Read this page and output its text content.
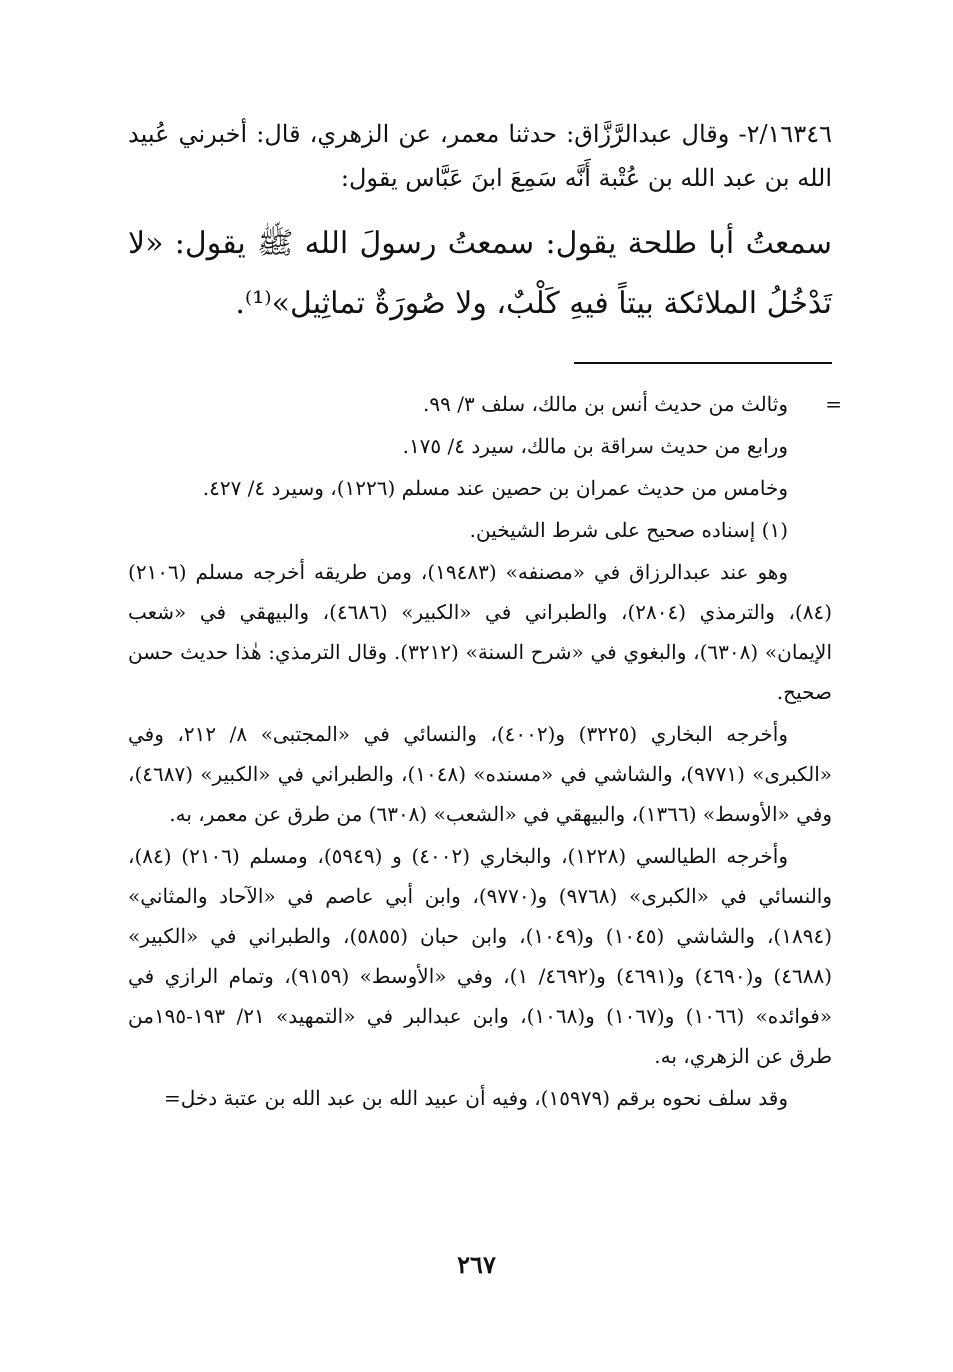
٢/١٦٣٤٦- وقال عبدالرَّزَّاق: حدثنا معمر، عن الزهري، قال: أخبرني عُبيد الله بن عبد الله بن عُتْبة أَنَّه سَمِعَ ابنَ عَبَّاس يقول:

سمعتُ أبا طلحة يقول: سمعتُ رسولَ الله ﷺ يقول: «لا تَدْخُلُ الملائكة بيتاً فيهِ كَلْبٌ، ولا صُورَةٌ تماثِيل»⁽¹⁾.

=
وثالث من حديث أنس بن مالك، سلف ٣/ ٩٩.

ورابع من حديث سراقة بن مالك، سيرد ٤/ ١٧٥.

وخامس من حديث عمران بن حصين عند مسلم (١٢٢٦)، وسيرد ٤/ ٤٢٧.

(١) إسناده صحيح على شرط الشيخين.

وهو عند عبدالرزاق في «مصنفه» (١٩٤٨٣)، ومن طريقه أخرجه مسلم (٢١٠٦) (٨٤)، والترمذي (٢٨٠٤)، والطبراني في «الكبير» (٤٦٨٦)، والبيهقي في «شعب الإيمان» (٦٣٠٨)، والبغوي في «شرح السنة» (٣٢١٢). وقال الترمذي: هٰذا حديث حسن صحيح.

وأخرجه البخاري (٣٢٢٥) و(٤٠٠٢)، والنسائي في «المجتبى» ٨/ ٢١٢، وفي «الكبرى» (٩٧٧١)، والشاشي في «مسنده» (١٠٤٨)، والطبراني في «الكبير» (٤٦٨٧)، وفي «الأوسط» (١٣٦٦)، والبيهقي في «الشعب» (٦٣٠٨) من طرق عن معمر، به.

وأخرجه الطيالسي (١٢٢٨)، والبخاري (٤٠٠٢) و (٥٩٤٩)، ومسلم (٢١٠٦) (٨٤)، والنسائي في «الكبرى» (٩٧٦٨) و(٩٧٧٠)، وابن أبي عاصم في «الآحاد والمثاني» (١٨٩٤)، والشاشي (١٠٤٥) و(١٠٤٩)، وابن حبان (٥٨٥٥)، والطبراني في «الكبير» (٤٦٨٨) و(٤٦٩٠) و(٤٦٩١) و(٤٦٩٢/ ١)، وفي «الأوسط» (٩١٥٩)، وتمام الرازي في «فوائده» (١٠٦٦) و(١٠٦٧) و(١٠٦٨)، وابن عبدالبر في «التمهيد» ٢١/ ١٩٣-١٩٥من طرق عن الزهري، به.

وقد سلف نحوه برقم (١٥٩٧٩)، وفيه أن عبيد الله بن عبد الله بن عتبة دخل=

٢٦٧
